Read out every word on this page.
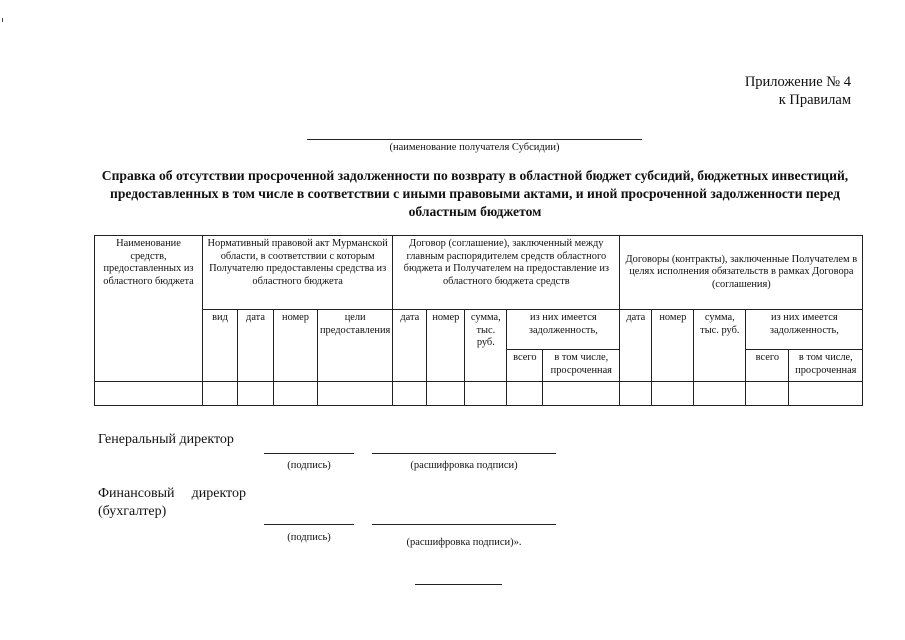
Приложение № 4
к Правилам
(наименование получателя Субсидии)
Справка об отсутствии просроченной задолженности по возврату в областной бюджет субсидий, бюджетных инвестиций, предоставленных в том числе в соответствии с иными правовыми актами, и иной просроченной задолженности перед областным бюджетом
Наименование средств, предоставленных из областного бюджета	Нормативный правовой акт Мурманской области, в соответствии с которым Получателю предоставлены средства из областного бюджета				Договор (соглашение), заключенный между главным распорядителем средств областного бюджета и Получателем на предоставление из областного бюджета средств					Договоры (контракты), заключенные Получателем в целях исполнения обязательств в рамках Договора (соглашения)				
	вид	дата	номер	цели предоставления	дата	номер	сумма, тыс. руб.	из них имеется задолженность,		дата	номер	сумма, тыс. руб.	из них имеется задолженность,	
								всего	в том числе, просроченная				всего	в том числе, просроченная

Генеральный директор
(подпись)	(расшифровка подписи)
Финансовый директор
(бухгалтер)
(подпись)	(расшифровка подписи)».
